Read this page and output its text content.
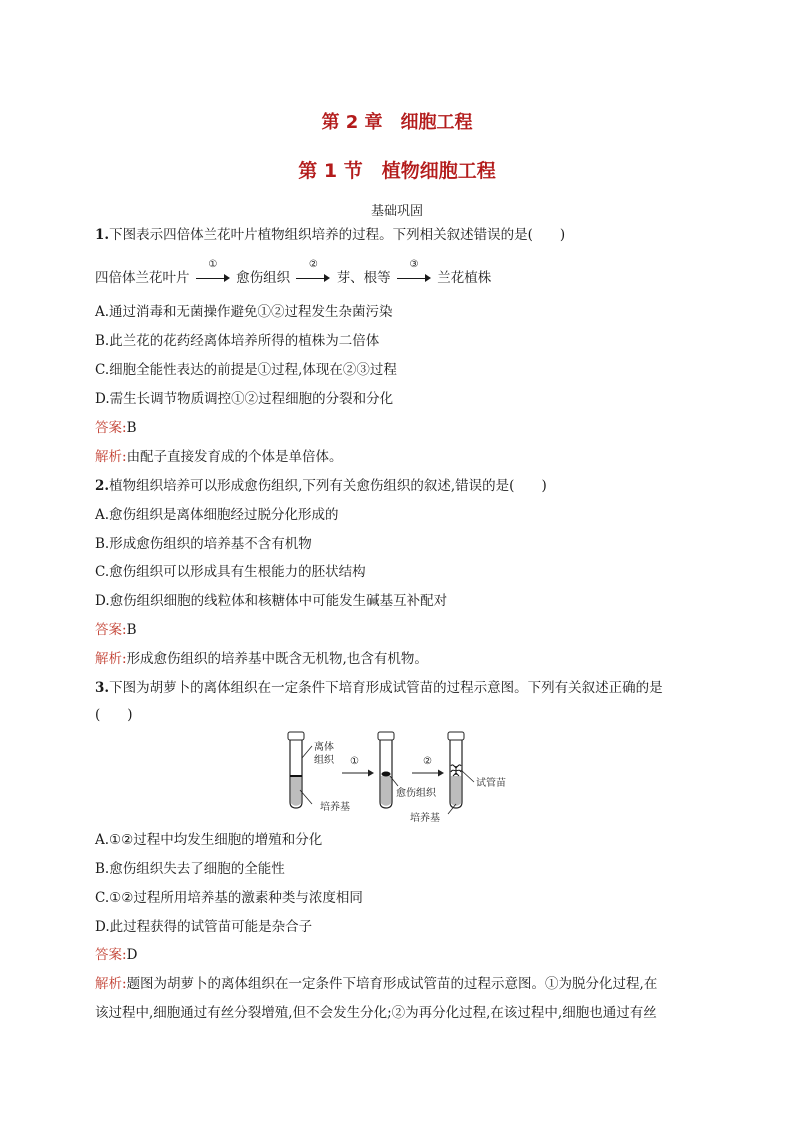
第 2 章　细胞工程
第 1 节　植物细胞工程
基础巩固
1.下图表示四倍体兰花叶片植物组织培养的过程。下列相关叙述错误的是(　　)
四倍体兰花叶片
①
愈伤组织
②
芽、根等
③
兰花植株
A.通过消毒和无菌操作避免①②过程发生杂菌污染
B.此兰花的花药经离体培养所得的植株为二倍体
C.细胞全能性表达的前提是①过程,体现在②③过程
D.需生长调节物质调控①②过程细胞的分裂和分化
答案:B
解析:由配子直接发育成的个体是单倍体。
2.植物组织培养可以形成愈伤组织,下列有关愈伤组织的叙述,错误的是(　　)
A.愈伤组织是离体细胞经过脱分化形成的
B.形成愈伤组织的培养基不含有机物
C.愈伤组织可以形成具有生根能力的胚状结构
D.愈伤组织细胞的线粒体和核糖体中可能发生碱基互补配对
答案:B
解析:形成愈伤组织的培养基中既含无机物,也含有机物。
3.下图为胡萝卜的离体组织在一定条件下培育形成试管苗的过程示意图。下列有关叙述正确的是
(　　)
离体
组织
培养基
①
愈伤组织
②
试管苗
培养基
A.①②过程中均发生细胞的增殖和分化
B.愈伤组织失去了细胞的全能性
C.①②过程所用培养基的激素种类与浓度相同
D.此过程获得的试管苗可能是杂合子
答案:D
解析:题图为胡萝卜的离体组织在一定条件下培育形成试管苗的过程示意图。①为脱分化过程,在
该过程中,细胞通过有丝分裂增殖,但不会发生分化;②为再分化过程,在该过程中,细胞也通过有丝
